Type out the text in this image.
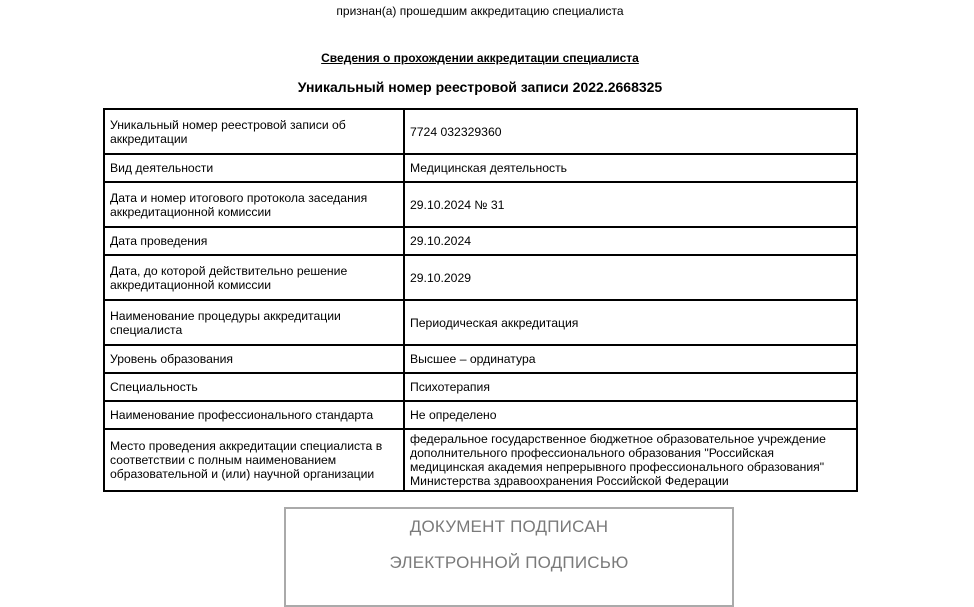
признан(а) прошедшим аккредитацию специалиста
Сведения о прохождении аккредитации специалиста
Уникальный номер реестровой записи 2022.2668325
Уникальный номер реестровой записи об аккредитации	7724 032329360
Вид деятельности	Медицинская деятельность
Дата и номер итогового протокола заседания аккредитационной комиссии	29.10.2024 № 31
Дата проведения	29.10.2024
Дата, до которой действительно решение аккредитационной комиссии	29.10.2029
Наименование процедуры аккредитации специалиста	Периодическая аккредитация
Уровень образования	Высшее – ординатура
Специальность	Психотерапия
Наименование профессионального стандарта	Не определено
Место проведения аккредитации специалиста в соответствии с полным наименованием образовательной и (или) научной организации	федеральное государственное бюджетное образовательное учреждение дополнительного профессионального образования "Российская медицинская академия непрерывного профессионального образования" Министерства здравоохранения Российской Федерации
ДОКУМЕНТ ПОДПИСАН
ЭЛЕКТРОННОЙ ПОДПИСЬЮ
